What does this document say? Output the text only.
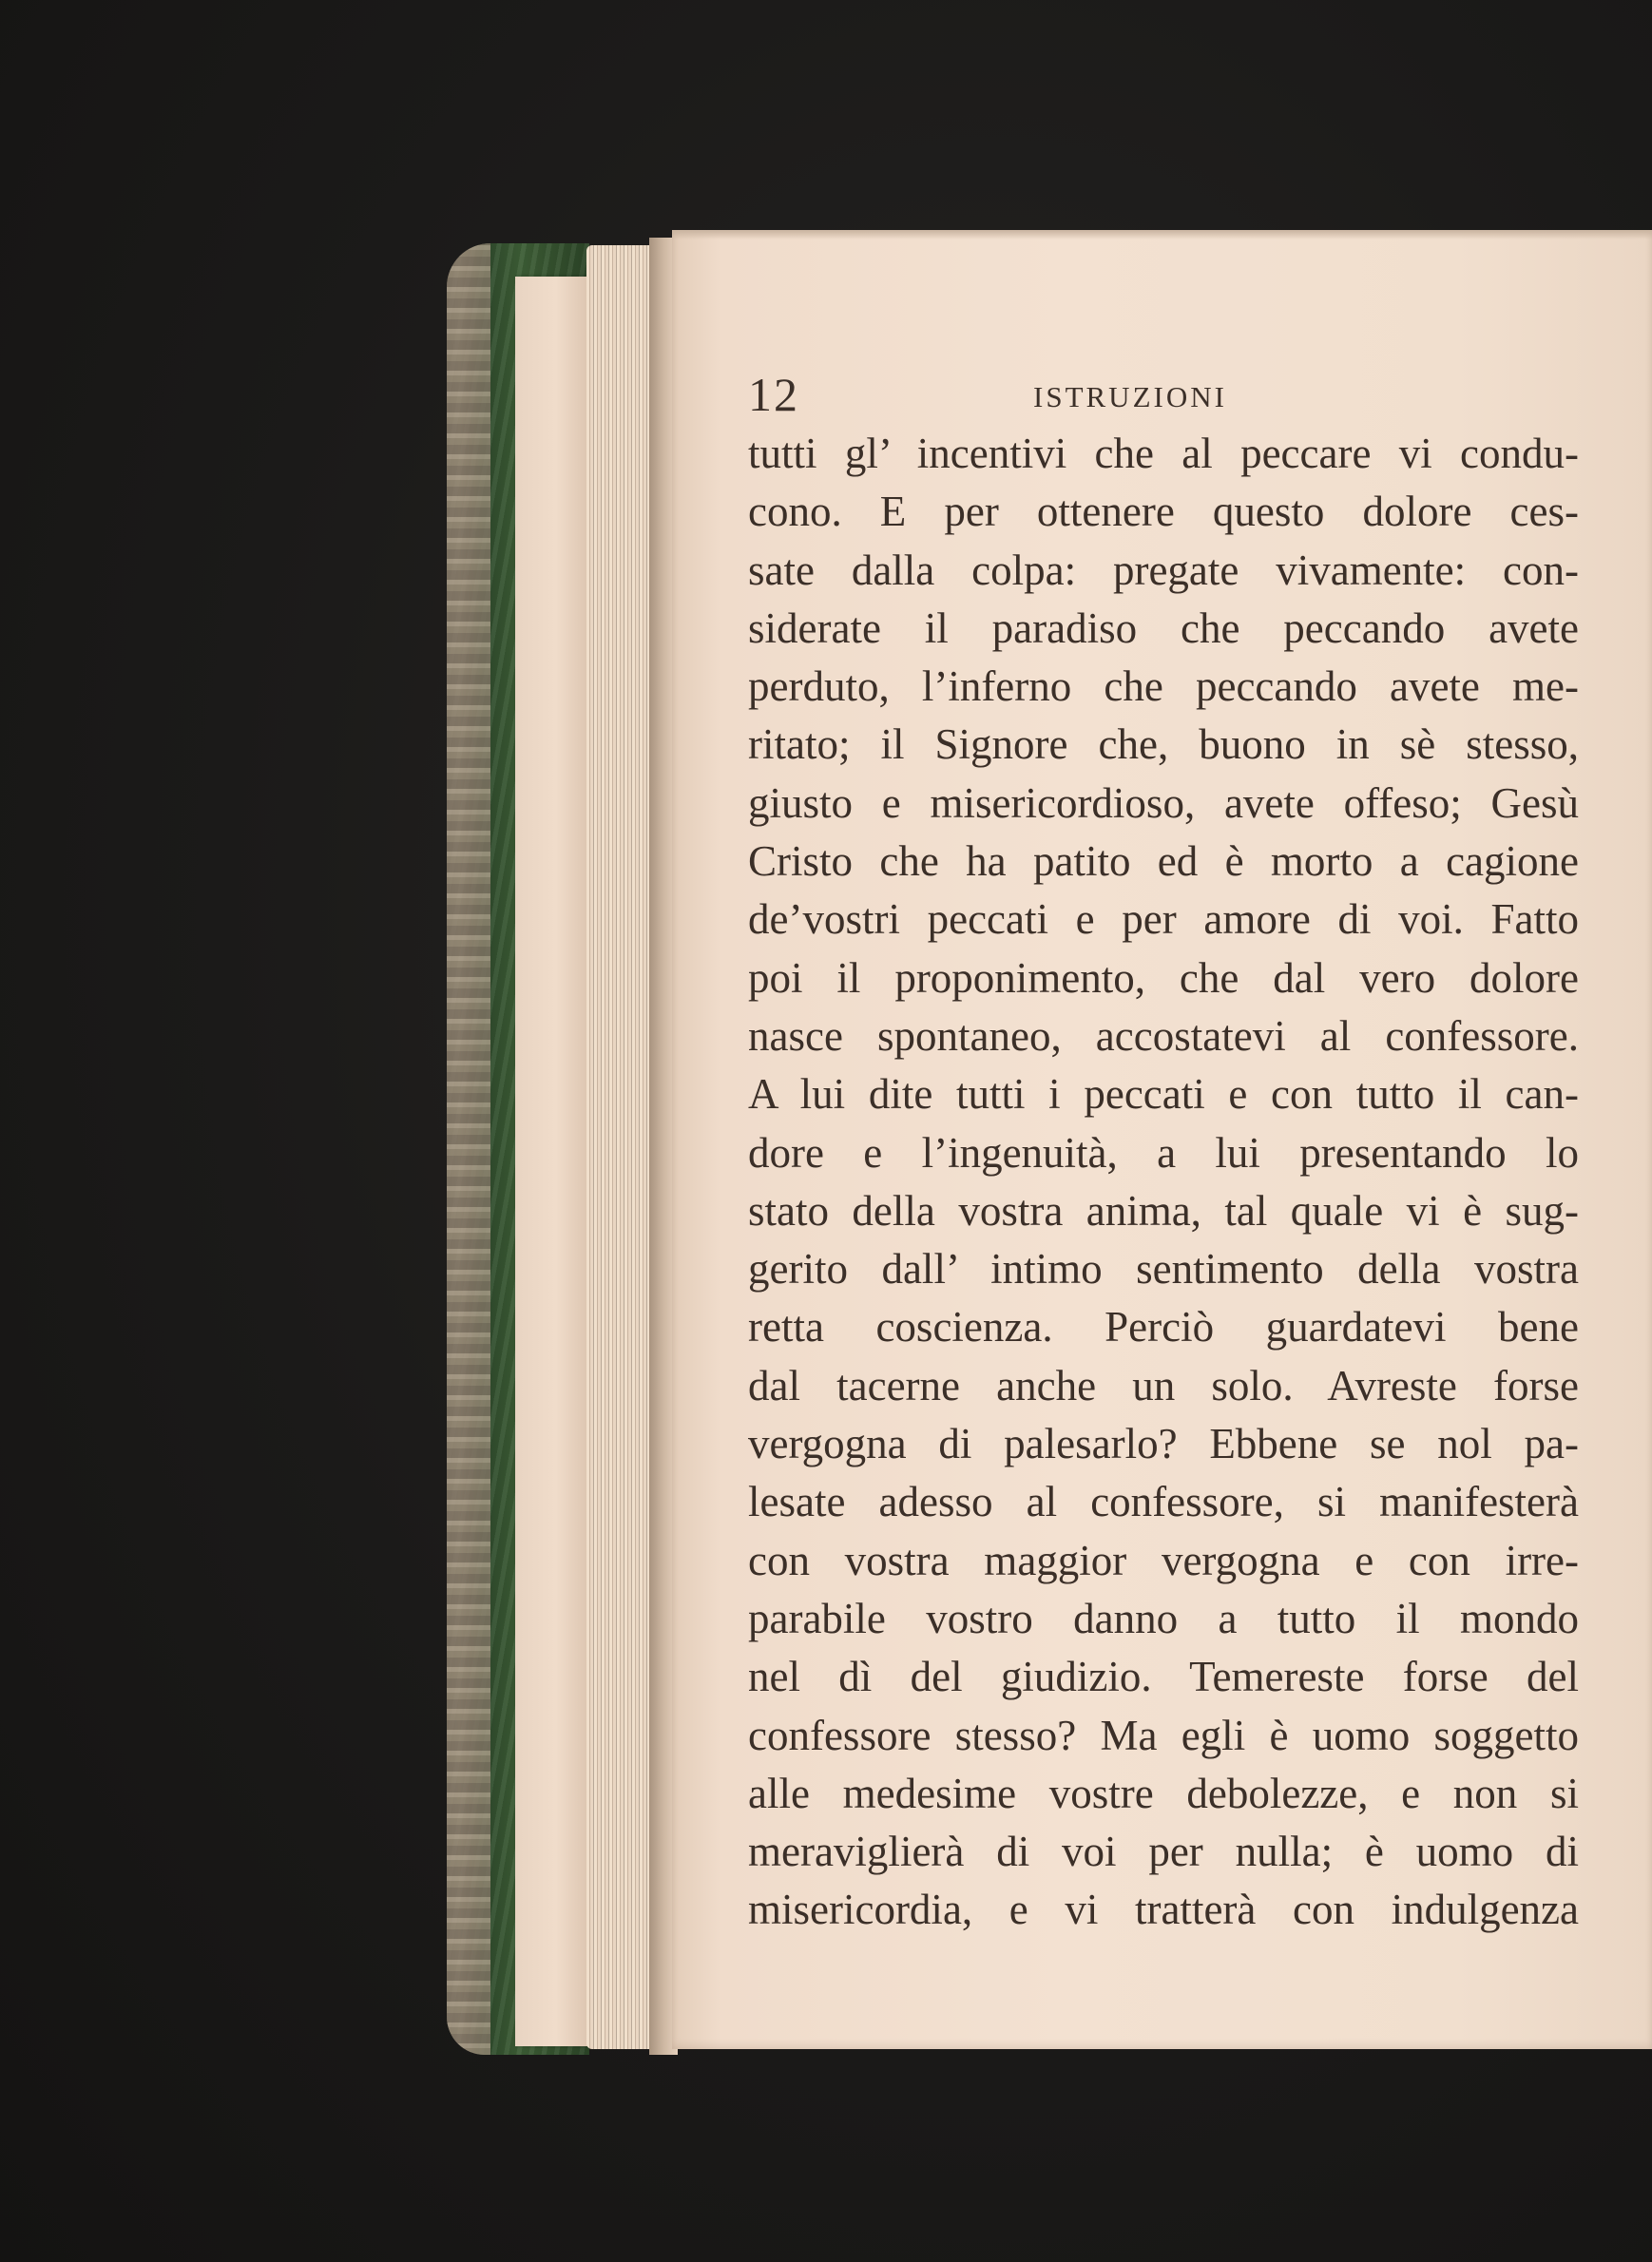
12	ISTRUZIONI
tutti gl’ incentivi che al peccare vi condu-
cono. E per ottenere questo dolore ces-
sate dalla colpa: pregate vivamente: con-
siderate il paradiso che peccando avete
perduto, l’inferno che peccando avete me-
ritato; il Signore che, buono in sè stesso,
giusto e misericordioso, avete offeso; Gesù
Cristo che ha patito ed è morto a cagione
de’vostri peccati e per amore di voi. Fatto
poi il proponimento, che dal vero dolore
nasce spontaneo, accostatevi al confessore.
A lui dite tutti i peccati e con tutto il can-
dore e l’ingenuità, a lui presentando lo
stato della vostra anima, tal quale vi è sug-
gerito dall’ intimo sentimento della vostra
retta coscienza. Perciò guardatevi bene
dal tacerne anche un solo. Avreste forse
vergogna di palesarlo? Ebbene se nol pa-
lesate adesso al confessore, si manifesterà
con vostra maggior vergogna e con irre-
parabile vostro danno a tutto il mondo
nel dì del giudizio. Temereste forse del
confessore stesso? Ma egli è uomo soggetto
alle medesime vostre debolezze, e non si
meraviglierà di voi per nulla; è uomo di
misericordia, e vi tratterà con indulgenza
